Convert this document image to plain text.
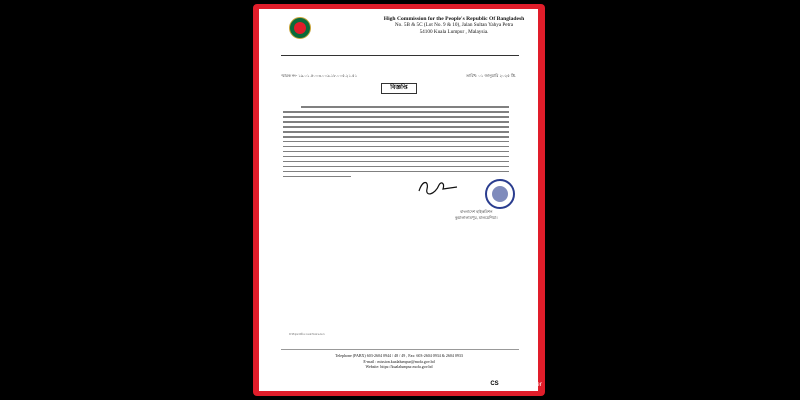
High Commission for the People's Republic Of Bangladesh
No. 5B & 5C (Lot No. 9 & 10), Jalan Sultan Yahya Petra
54100 Kuala Lumpur , Malaysia.
স্মারক নং- ১৯.০১.৫০০৩.০০৯.১৮.০০৫.২১.৫১	তারিখ: ০১ জানুয়ারি ২০২৫ খ্রি.
বিজ্ঞপ্তি
বাংলাদেশ হাইকমিশন
কুয়ালালামপুর, মালয়েশিয়া।
D:\Hajra\Office work\Notice.docx
Telephone (PABX) 603-2604 0944 / 48 / 49 , Fax: 603-2604 0934 & 2604 0933
E-mail : mission.kualalumpur@mofa.gov.bd
Website: https://kualalumpur.mofa.gov.bd
CS CamScanner
